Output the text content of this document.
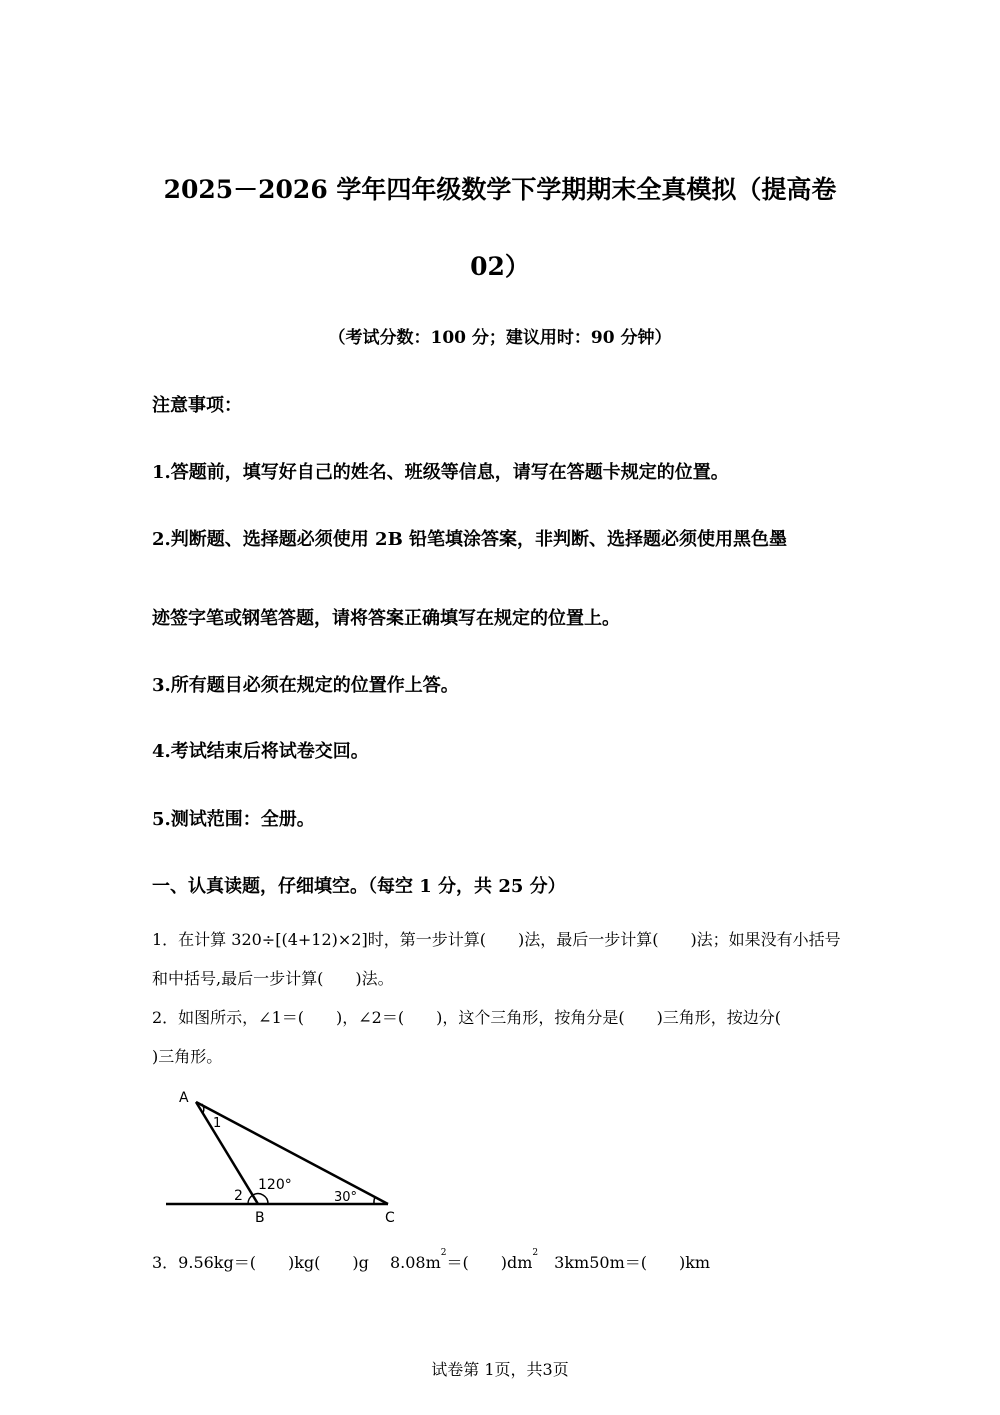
2025－2026 学年四年级数学下学期期末全真模拟（提高卷
02）
（考试分数：100 分；建议用时：90 分钟）
注意事项：
1.答题前，填写好自己的姓名、班级等信息，请写在答题卡规定的位置。
2.判断题、选择题必须使用 2B 铅笔填涂答案，非判断、选择题必须使用黑色墨
迹签字笔或钢笔答题，请将答案正确填写在规定的位置上。
3.所有题目必须在规定的位置作上答。
4.考试结束后将试卷交回。
5.测试范围：全册。
一、认真读题，仔细填空。（每空 1 分，共 25 分）
1．在计算 320÷[(4+12)×2]时，第一步计算(　　)法，最后一步计算(　　)法；如果没有小括号
和中括号,最后一步计算(　　)法。
2．如图所示，∠1＝(　　)，∠2＝(　　)，这个三角形，按角分是(　　)三角形，按边分(
)三角形。
A
1
2
120°
30°
B	C
3．9.56kg＝(　　)kg(　　)g　 $8.08m^2=$(　　)$dm^2$　3km50m＝(　　)km
试卷第 1页，共3页
